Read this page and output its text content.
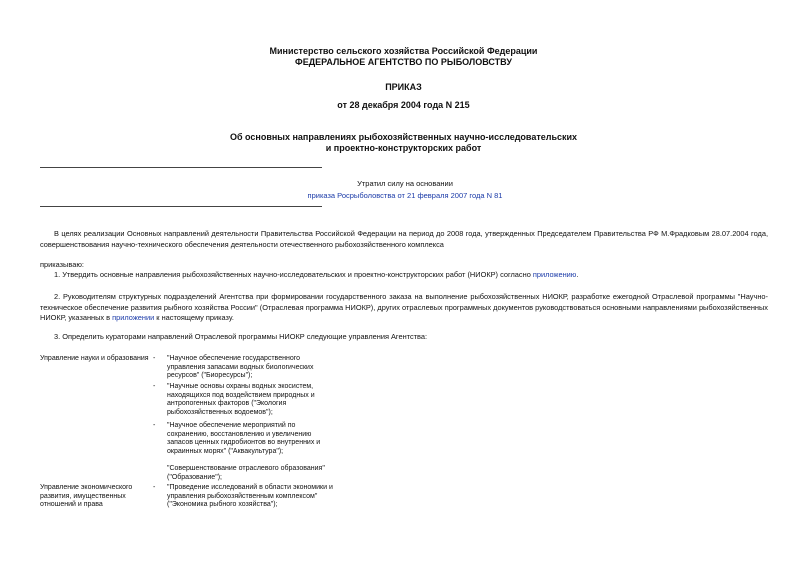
Министерство сельского хозяйства Российской Федерации
ФЕДЕРАЛЬНОЕ АГЕНТСТВО ПО РЫБОЛОВСТВУ
ПРИКАЗ
от 28 декабря 2004 года N 215
Об основных направлениях рыбохозяйственных научно-исследовательских
и проектно-конструкторских работ
Утратил силу на основании
приказа Росрыболовства от 21 февраля 2007 года N 81
В целях реализации Основных направлений деятельности Правительства Российской Федерации на период до 2008 года, утвержденных Председателем Правительства РФ М.Фрадковым 28.07.2004 года, совершенствования научно-технического обеспечения деятельности отечественного рыбохозяйственного комплекса
приказываю:
1. Утвердить основные направления рыбохозяйственных научно-исследовательских и проектно-конструкторских работ (НИОКР) согласно приложению.
2. Руководителям структурных подразделений Агентства при формировании государственного заказа на выполнение рыбохозяйственных НИОКР, разработке ежегодной Отраслевой программы "Научно-техническое обеспечение развития рыбного хозяйства России" (Отраслевая программа НИОКР), других отраслевых программных документов руководствоваться основными направлениями рыбохозяйственных НИОКР, указанных в приложении к настоящему приказу.
3. Определить кураторами направлений Отраслевой программы НИОКР следующие управления Агентства:
Управление науки и образования - "Научное обеспечение государственного управления запасами водных биологических ресурсов" ("Биоресурсы");
- "Научные основы охраны водных экосистем, находящихся под воздействием природных и антропогенных факторов ("Экология рыбохозяйственных водоемов");
- "Научное обеспечение мероприятий по сохранению, восстановлению и увеличению запасов ценных гидробионтов во внутренних и окраинных морях" ("Аквакультура");
"Совершенствование отраслевого образования" ("Образование");
Управление экономического развития, имущественных отношений и права
- "Проведение исследований в области экономики и управления рыбохозяйственным комплексом" ("Экономика рыбного хозяйства");
